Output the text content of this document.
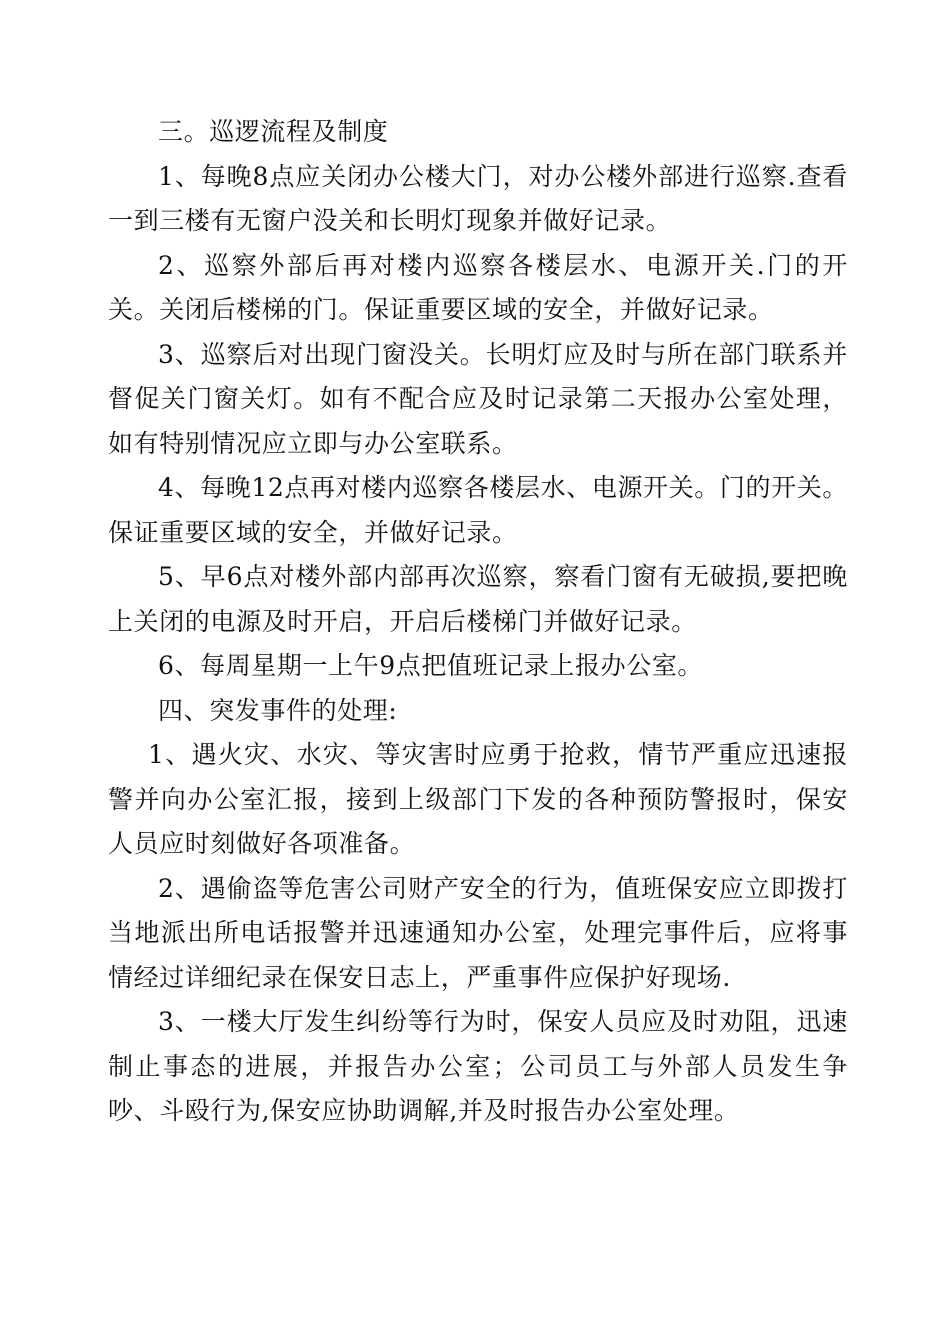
三。巡逻流程及制度

1、每晚8点应关闭办公楼大门，对办公楼外部进行巡察.查看一到三楼有无窗户没关和长明灯现象并做好记录。

2、巡察外部后再对楼内巡察各楼层水、电源开关.门的开关。关闭后楼梯的门。保证重要区域的安全，并做好记录。

3、巡察后对出现门窗没关。长明灯应及时与所在部门联系并督促关门窗关灯。如有不配合应及时记录第二天报办公室处理，如有特别情况应立即与办公室联系。

4、每晚12点再对楼内巡察各楼层水、电源开关。门的开关。保证重要区域的安全，并做好记录。

5、早6点对楼外部内部再次巡察，察看门窗有无破损,要把晚上关闭的电源及时开启，开启后楼梯门并做好记录。

6、每周星期一上午9点把值班记录上报办公室。

四、突发事件的处理:

1、遇火灾、水灾、等灾害时应勇于抢救，情节严重应迅速报警并向办公室汇报，接到上级部门下发的各种预防警报时，保安人员应时刻做好各项准备。

2、遇偷盗等危害公司财产安全的行为，值班保安应立即拨打当地派出所电话报警并迅速通知办公室，处理完事件后，应将事情经过详细纪录在保安日志上，严重事件应保护好现场.

3、一楼大厅发生纠纷等行为时，保安人员应及时劝阻，迅速制止事态的进展，并报告办公室；公司员工与外部人员发生争吵、斗殴行为,保安应协助调解,并及时报告办公室处理。
